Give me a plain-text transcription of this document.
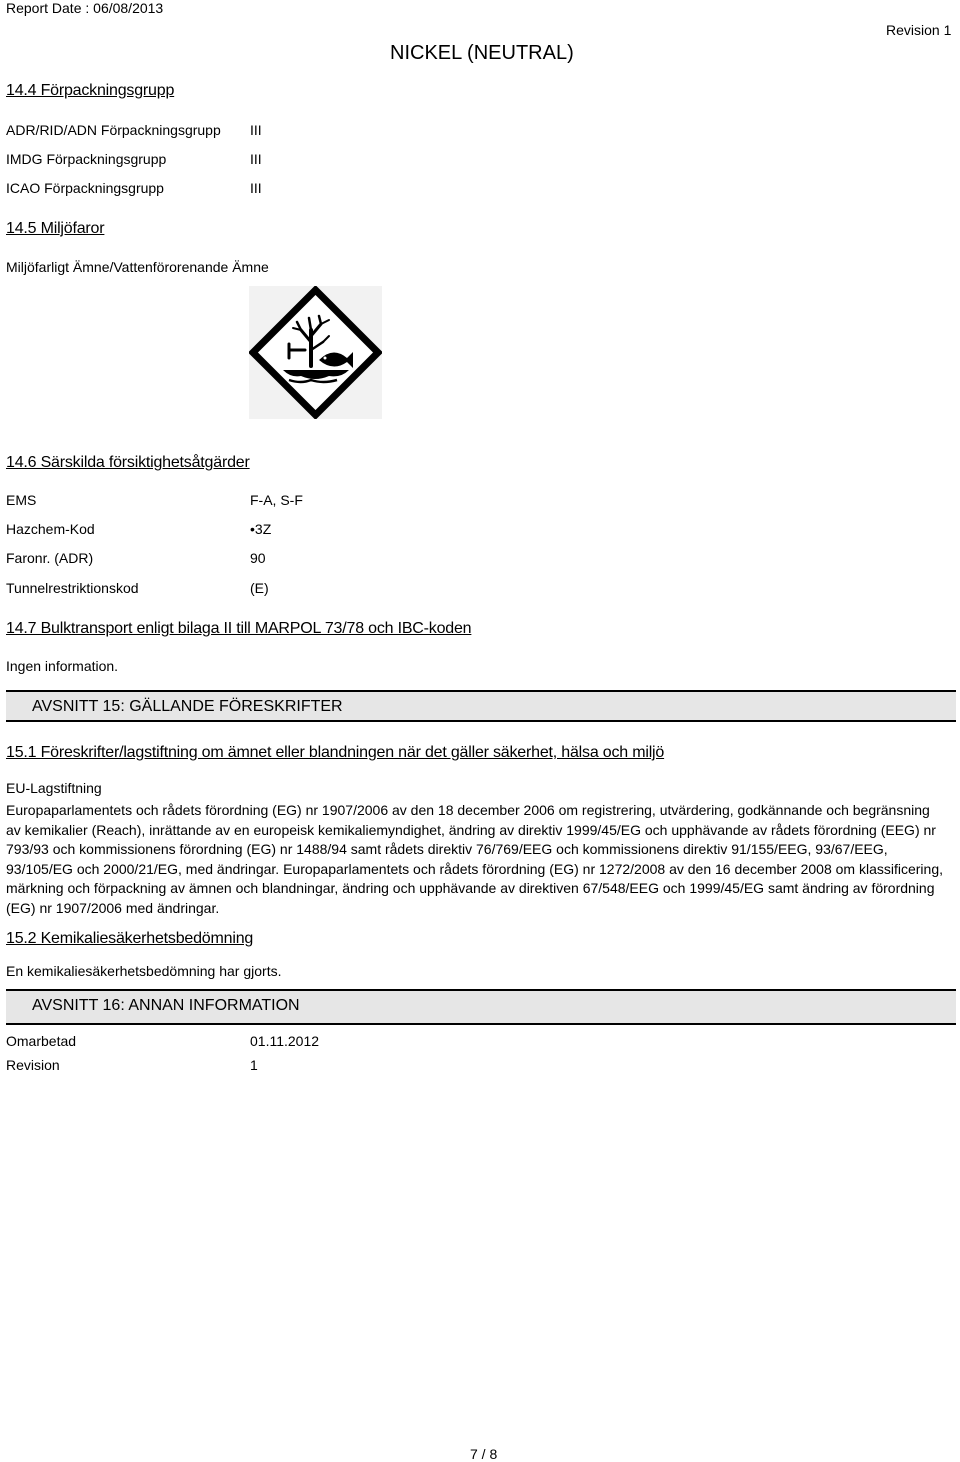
Report Date : 06/08/2013
Revision 1
NICKEL (NEUTRAL)
14.4 Förpackningsgrupp
ADR/RID/ADN Förpackningsgrupp III
IMDG Förpackningsgrupp	III
ICAO Förpackningsgrupp	III
14.5 Miljöfaror
Miljöfarligt Ämne/Vattenförorenande Ämne
14.6 Särskilda försiktighetsåtgärder
EMS	F-A, S-F
Hazchem-Kod	•3Z
Faronr. (ADR)	90
Tunnelrestriktionskod	(E)
14.7 Bulktransport enligt bilaga II till MARPOL 73/78 och IBC-koden
Ingen information.
AVSNITT 15: GÄLLANDE FÖRESKRIFTER
15.1 Föreskrifter/lagstiftning om ämnet eller blandningen när det gäller säkerhet, hälsa och miljö
EU-Lagstiftning
Europaparlamentets och rådets förordning (EG) nr 1907/2006 av den 18 december 2006 om registrering, utvärdering, godkännande och begränsning av kemikalier (Reach), inrättande av en europeisk kemikaliemyndighet, ändring av direktiv 1999/45/EG och upphävande av rådets förordning (EEG) nr 793/93 och kommissionens förordning (EG) nr 1488/94 samt rådets direktiv 76/769/EEG och kommissionens direktiv 91/155/EEG, 93/67/EEG, 93/105/EG och 2000/21/EG, med ändringar. Europaparlamentets och rådets förordning (EG) nr 1272/2008 av den 16 december 2008 om klassificering, märkning och förpackning av ämnen och blandningar, ändring och upphävande av direktiven 67/548/EEG och 1999/45/EG samt ändring av förordning (EG) nr 1907/2006 med ändringar.
15.2 Kemikaliesäkerhetsbedömning
En kemikaliesäkerhetsbedömning har gjorts.
AVSNITT 16: ANNAN INFORMATION
Omarbetad	01.11.2012
Revision	1
7 / 8
